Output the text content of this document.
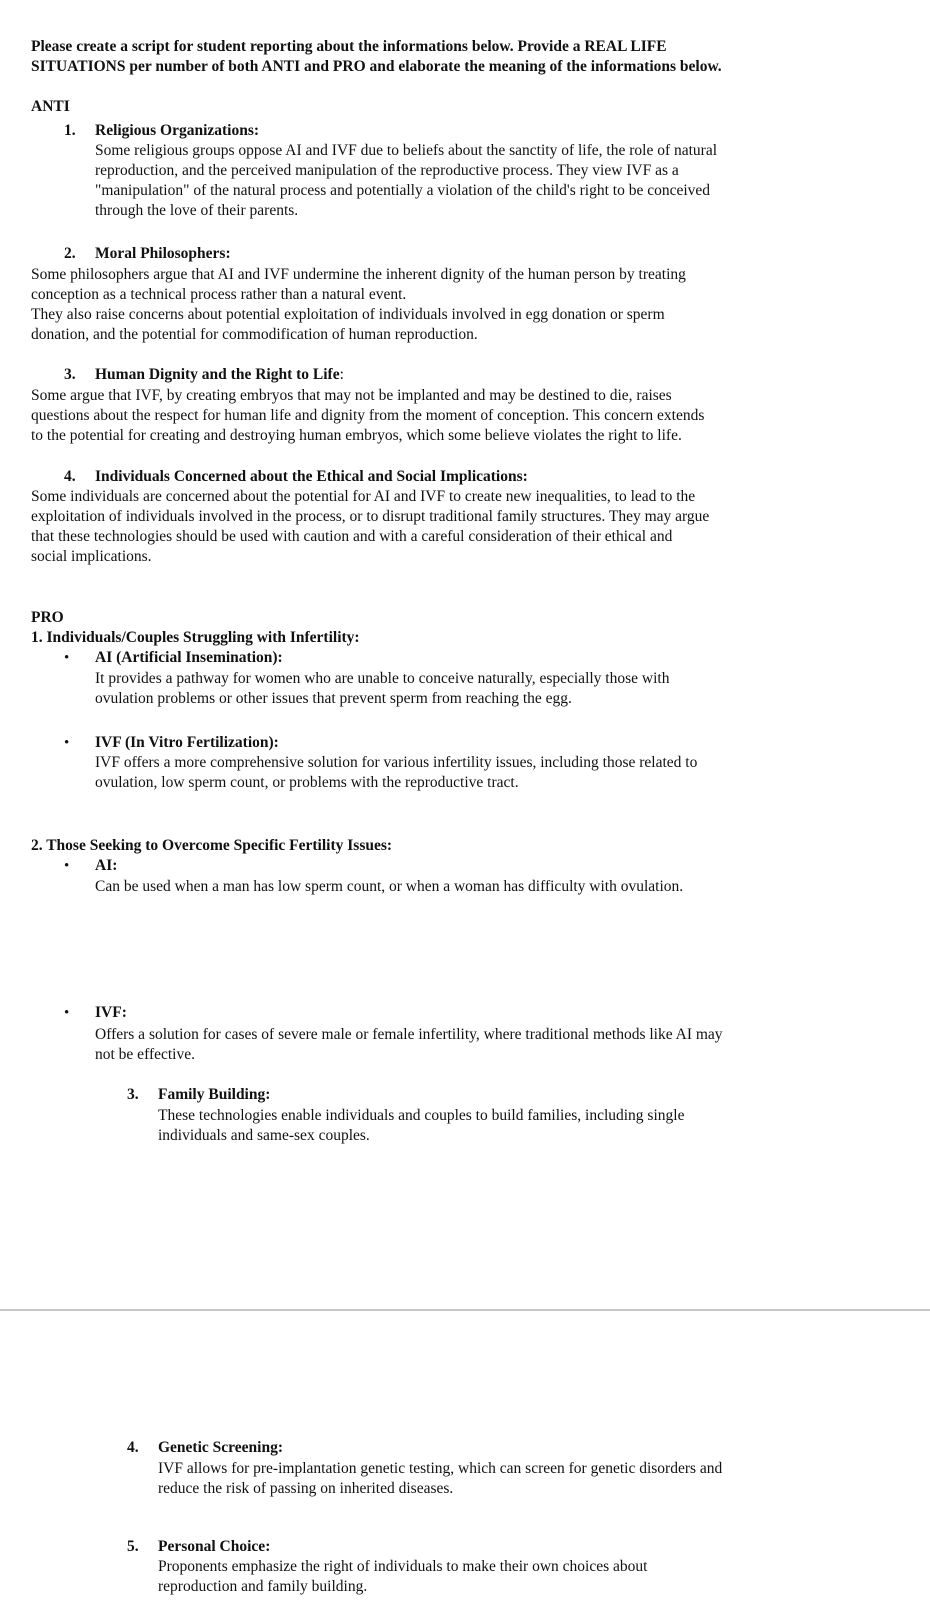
Please create a script for student reporting about the informations below. Provide a REAL LIFE
SITUATIONS per number of both ANTI and PRO and elaborate the meaning of the informations below.
ANTI
1. Religious Organizations:
Some religious groups oppose AI and IVF due to beliefs about the sanctity of life, the role of natural
reproduction, and the perceived manipulation of the reproductive process. They view IVF as a
"manipulation" of the natural process and potentially a violation of the child's right to be conceived
through the love of their parents.
2. Moral Philosophers:
Some philosophers argue that AI and IVF undermine the inherent dignity of the human person by treating
conception as a technical process rather than a natural event.
They also raise concerns about potential exploitation of individuals involved in egg donation or sperm
donation, and the potential for commodification of human reproduction.
3. Human Dignity and the Right to Life:
Some argue that IVF, by creating embryos that may not be implanted and may be destined to die, raises
questions about the respect for human life and dignity from the moment of conception. This concern extends
to the potential for creating and destroying human embryos, which some believe violates the right to life.
4. Individuals Concerned about the Ethical and Social Implications:
Some individuals are concerned about the potential for AI and IVF to create new inequalities, to lead to the
exploitation of individuals involved in the process, or to disrupt traditional family structures. They may argue
that these technologies should be used with caution and with a careful consideration of their ethical and
social implications.
PRO
1. Individuals/Couples Struggling with Infertility:
• AI (Artificial Insemination):
It provides a pathway for women who are unable to conceive naturally, especially those with
ovulation problems or other issues that prevent sperm from reaching the egg.
• IVF (In Vitro Fertilization):
IVF offers a more comprehensive solution for various infertility issues, including those related to
ovulation, low sperm count, or problems with the reproductive tract.
2. Those Seeking to Overcome Specific Fertility Issues:
• AI:
Can be used when a man has low sperm count, or when a woman has difficulty with ovulation.
• IVF:
Offers a solution for cases of severe male or female infertility, where traditional methods like AI may
not be effective.
3. Family Building:
These technologies enable individuals and couples to build families, including single
individuals and same-sex couples.
4. Genetic Screening:
IVF allows for pre-implantation genetic testing, which can screen for genetic disorders and
reduce the risk of passing on inherited diseases.
5. Personal Choice:
Proponents emphasize the right of individuals to make their own choices about
reproduction and family building.
